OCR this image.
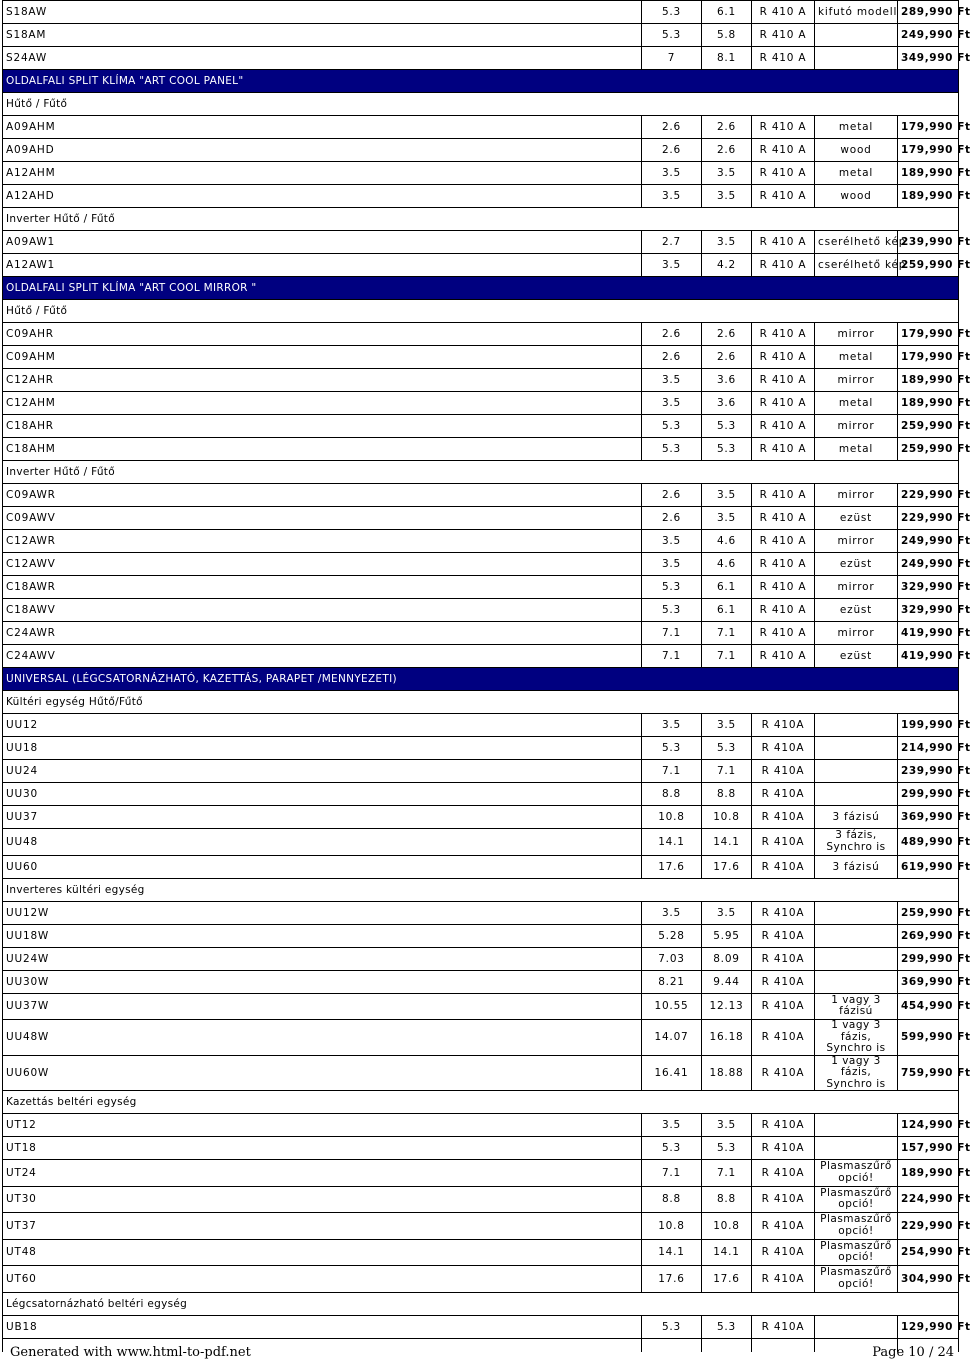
S18AW	5.3	6.1	R 410 A	kifutó modell	289,990 Ft
S18AM	5.3	5.8	R 410 A		249,990 Ft
S24AW	7	8.1	R 410 A		349,990 Ft
OLDALFALI SPLIT KLÍMA "ART COOL PANEL"					
Hűtő / Fűtő					
A09AHM	2.6	2.6	R 410 A	metal	179,990 Ft
A09AHD	2.6	2.6	R 410 A	wood	179,990 Ft
A12AHM	3.5	3.5	R 410 A	metal	189,990 Ft
A12AHD	3.5	3.5	R 410 A	wood	189,990 Ft
Inverter Hűtő / Fűtő					
A09AW1	2.7	3.5	R 410 A	cserélhető kép	239,990 Ft
A12AW1	3.5	4.2	R 410 A	cserélhető kép	259,990 Ft
OLDALFALI SPLIT KLÍMA "ART COOL MIRROR "					
Hűtő / Fűtő					
C09AHR	2.6	2.6	R 410 A	mirror	179,990 Ft
C09AHM	2.6	2.6	R 410 A	metal	179,990 Ft
C12AHR	3.5	3.6	R 410 A	mirror	189,990 Ft
C12AHM	3.5	3.6	R 410 A	metal	189,990 Ft
C18AHR	5.3	5.3	R 410 A	mirror	259,990 Ft
C18AHM	5.3	5.3	R 410 A	metal	259,990 Ft
Inverter Hűtő / Fűtő					
C09AWR	2.6	3.5	R 410 A	mirror	229,990 Ft
C09AWV	2.6	3.5	R 410 A	ezüst	229,990 Ft
C12AWR	3.5	4.6	R 410 A	mirror	249,990 Ft
C12AWV	3.5	4.6	R 410 A	ezüst	249,990 Ft
C18AWR	5.3	6.1	R 410 A	mirror	329,990 Ft
C18AWV	5.3	6.1	R 410 A	ezüst	329,990 Ft
C24AWR	7.1	7.1	R 410 A	mirror	419,990 Ft
C24AWV	7.1	7.1	R 410 A	ezüst	419,990 Ft
UNIVERSAL (LÉGCSATORNÁZHATÓ, KAZETTÁS, PARAPET /MENNYEZETI)					
Kültéri egység Hűtő/Fűtő					
UU12	3.5	3.5	R 410A		199,990 Ft
UU18	5.3	5.3	R 410A		214,990 Ft
UU24	7.1	7.1	R 410A		239,990 Ft
UU30	8.8	8.8	R 410A		299,990 Ft
UU37	10.8	10.8	R 410A	3 fázisú	369,990 Ft
UU48	14.1	14.1	R 410A	3 fázis, Synchro is	489,990 Ft
UU60	17.6	17.6	R 410A	3 fázisú	619,990 Ft
Inverteres kültéri egység					
UU12W	3.5	3.5	R 410A		259,990 Ft
UU18W	5.28	5.95	R 410A		269,990 Ft
UU24W	7.03	8.09	R 410A		299,990 Ft
UU30W	8.21	9.44	R 410A		369,990 Ft
UU37W	10.55	12.13	R 410A	1 vagy 3 fázisú	454,990 Ft
UU48W	14.07	16.18	R 410A	1 vagy 3 fázis, Synchro is	599,990 Ft
UU60W	16.41	18.88	R 410A	1 vagy 3 fázis, Synchro is	759,990 Ft
Kazettás beltéri egység					
UT12	3.5	3.5	R 410A		124,990 Ft
UT18	5.3	5.3	R 410A		157,990 Ft
UT24	7.1	7.1	R 410A	Plasmaszűrő opció!	189,990 Ft
UT30	8.8	8.8	R 410A	Plasmaszűrő opció!	224,990 Ft
UT37	10.8	10.8	R 410A	Plasmaszűrő opció!	229,990 Ft
UT48	14.1	14.1	R 410A	Plasmaszűrő opció!	254,990 Ft
UT60	17.6	17.6	R 410A	Plasmaszűrő opció!	304,990 Ft
Légcsatornázható beltéri egység					
UB18	5.3	5.3	R 410A		129,990 Ft

Generated with www.html-to-pdf.net	Page 10 / 24
